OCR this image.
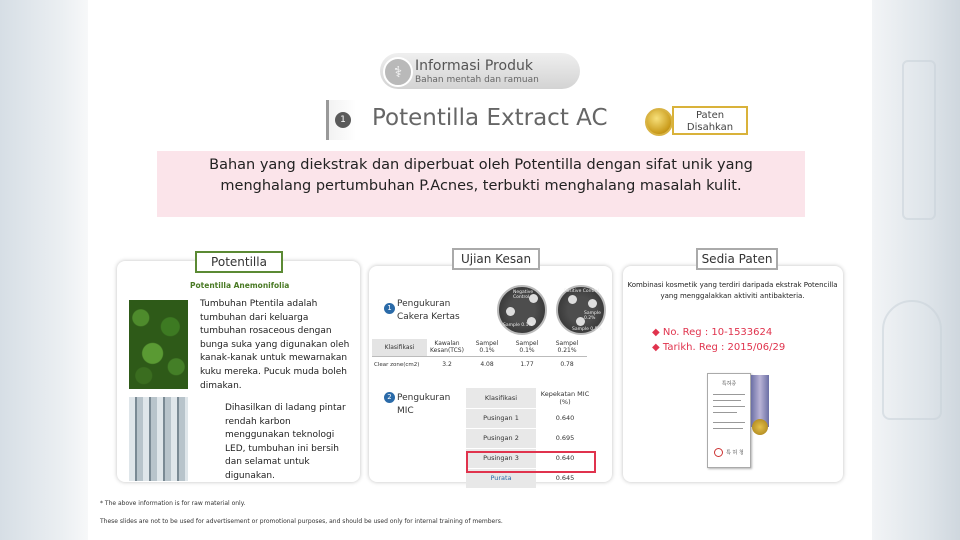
⚕ Informasi Produk
Bahan mentah dan ramuan
1 Potentilla Extract AC	Paten
Disahkan

Bahan yang diekstrak dan diperbuat oleh Potentilla dengan sifat unik yang

menghalang pertumbuhan P.Acnes, terbukti menghalang masalah kulit.

Potentilla	Ujian Kesan	Sedia Paten
Potentilla Anemonifolia
Tumbuhan Ptentila adalah tumbuhan dari keluarga tumbuhan rosaceous dengan bunga suka yang digunakan oleh kanak-kanak untuk mewarnakan kuku mereka. Pucuk muda boleh dimakan.
Dihasilkan di ladang pintar rendah karbon menggunakan teknologi LED, tumbuhan ini bersih dan selamat untuk digunakan.
1 Pengukuran Cakera Kertas
2 Pengukuran MIC
Negative Control
Sample 0.1%
Positive Control
Sample 0.2%
Sample 0.5%
Klasifikasi	Kawalan Kesan(TCS)	Sampel 0.1%	Sampel 0.1%	Sampel 0.21%
Clear zone(cm2)	3.2	4.08	1.77	0.78
Klasifikasi	Kepekatan MIC (%)
Pusingan 1	0.640
Pusingan 2	0.695
Pusingan 3	0.640
Purata	0.645
Kombinasi kosmetik yang terdiri daripada ekstrak Potencilla yang menggalakkan aktiviti antibakteria.
◆ No. Reg : 10-1533624
◆ Tarikh. Reg : 2015/06/29
특허증
특 허 청
* The above information is for raw material only.
These slides are not to be used for advertisement or promotional purposes, and should be used only for internal training of members.
